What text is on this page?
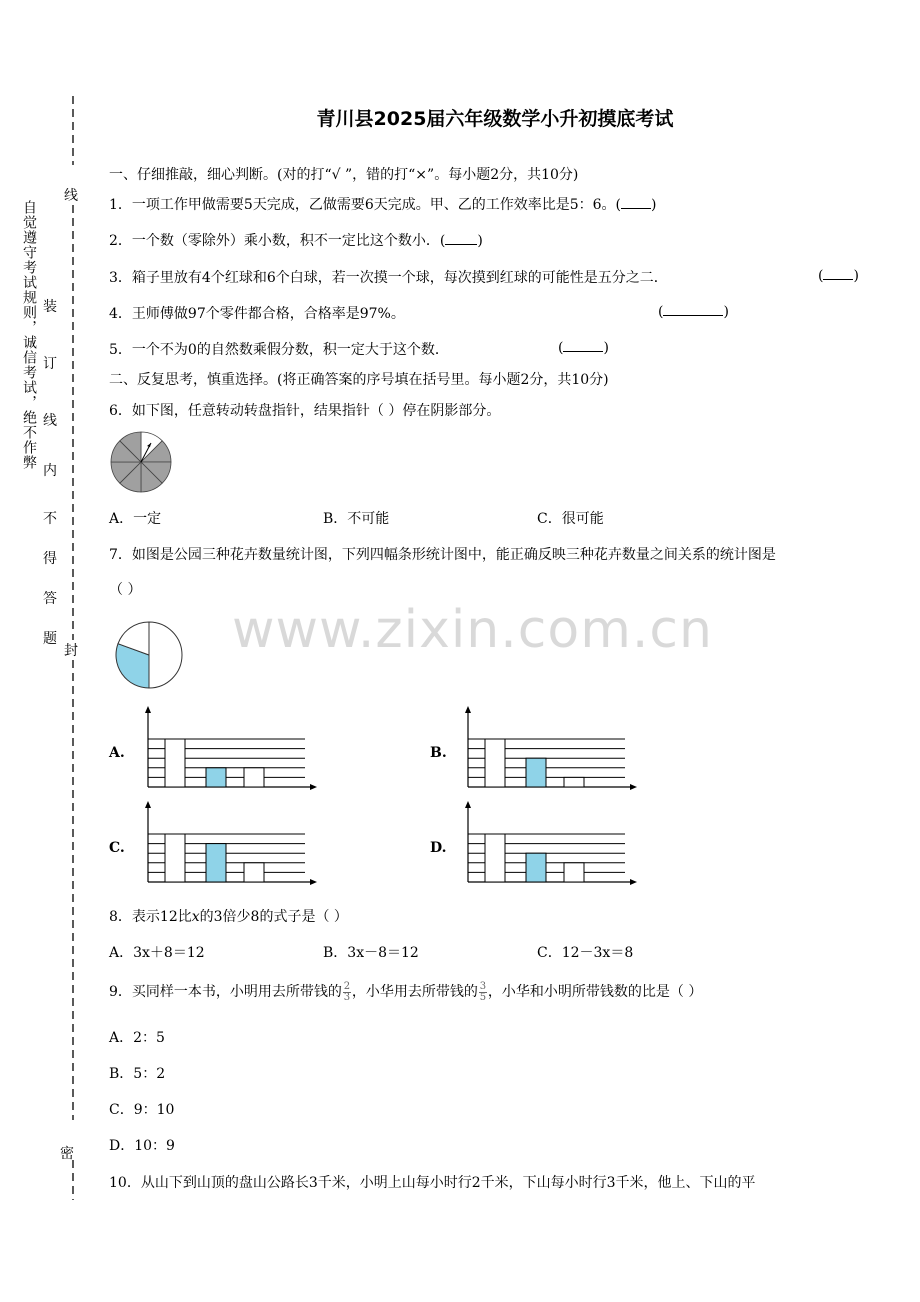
自觉遵守考试规则，诚信考试，绝不作弊
线
封
密
装
订
线
内
不
得
答
题	www.zixin.com.cn
青川县2025届六年级数学小升初摸底考试
一、仔细推敲，细心判断。(对的打“√ ”，错的打“×”。每小题2分，共10分)
1．一项工作甲做需要5天完成，乙做需要6天完成。甲、乙的工作效率比是5：6。( )
2．一个数（零除外）乘小数，积不一定比这个数小．( )
3．箱子里放有4个红球和6个白球，若一次摸一个球，每次摸到红球的可能性是五分之二．	( )
4．王师傅做97个零件都合格，合格率是97%。	(	)
5．一个不为0的自然数乘假分数，积一定大于这个数．	(	)
二、反复思考，慎重选择。(将正确答案的序号填在括号里。每小题2分，共10分)
6．如下图，任意转动转盘指针，结果指针（ ）停在阴影部分。
A．一定	B．不可能	C．很可能
7．如图是公园三种花卉数量统计图，下列四幅条形统计图中，能正确反映三种花卉数量之间关系的统计图是
（ ）
A.	B.
C.	D.
8．表示12比x的3倍少8的式子是（ ）
A．3x＋8＝12	B．3x－8＝12	C．12－3x＝8
9．买同样一本书，小明用去所带钱的 $\frac{2}{3}$ ，小华用去所带钱的 $\frac{3}{5}$ ，小华和小明所带钱数的比是（ ）
A．2：5
B．5：2
C．9：10
D．10：9
10．从山下到山顶的盘山公路长3千米，小明上山每小时行2千米，下山每小时行3千米，他上、下山的平
